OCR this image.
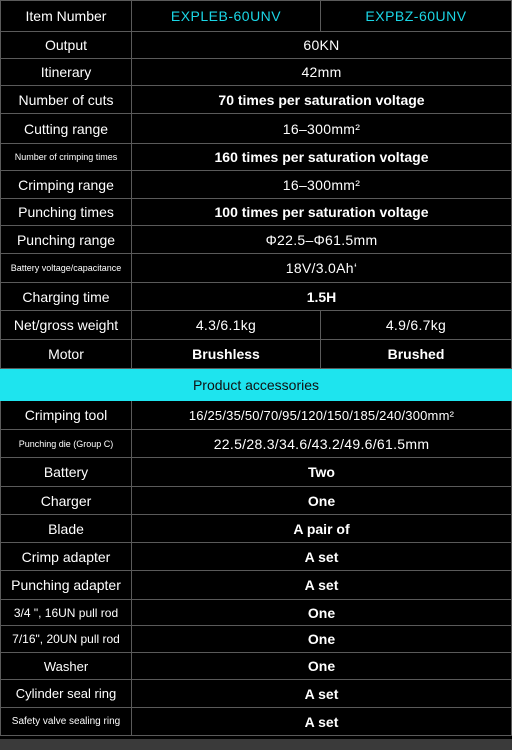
Item Number	EXPLEB-60UNV	EXPBZ-60UNV
Output	60KN	
Itinerary	42mm	
Number of cuts	70 times per saturation voltage	
Cutting range	16–300mm²	
Number of crimping times	160 times per saturation voltage	
Crimping range	16–300mm²	
Punching times	100 times per saturation voltage	
Punching range	Φ22.5–Φ61.5mm	
Battery voltage/capacitance	18V/3.0Ah‘	
Charging time	1.5H	
Net/gross weight	4.3/6.1kg	4.9/6.7kg
Motor	Brushless	Brushed
Product accessories		
Crimping tool	16/25/35/50/70/95/120/150/185/240/300mm²	
Punching die (Group C)	22.5/28.3/34.6/43.2/49.6/61.5mm	
Battery	Two	
Charger	One	
Blade	A pair of	
Crimp adapter	A set	
Punching adapter	A set	
3/4 ", 16UN pull rod	One	
7/16", 20UN pull rod	One	
Washer	One	
Cylinder seal ring	A set	
Safety valve sealing ring	A set	
